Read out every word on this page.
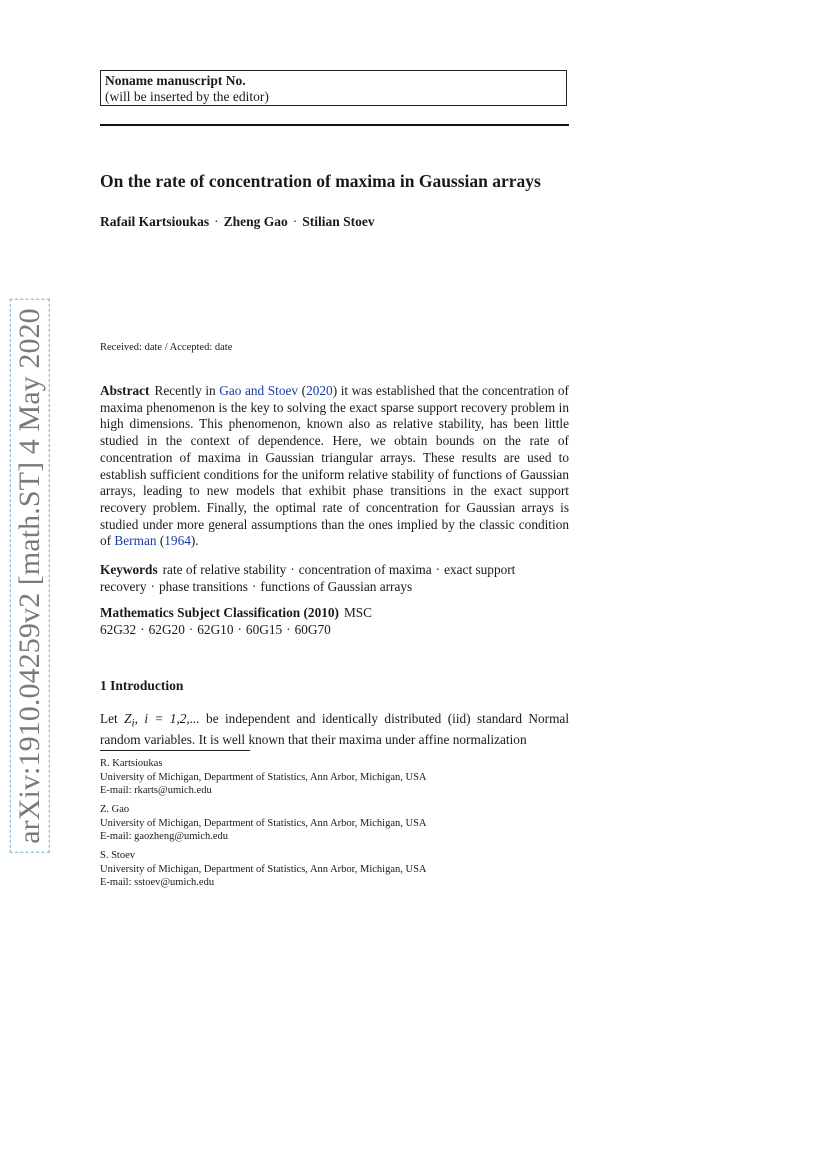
Noname manuscript No.
(will be inserted by the editor)
On the rate of concentration of maxima in Gaussian arrays
Rafail Kartsioukas · Zheng Gao · Stilian Stoev
arXiv:1910.04259v2 [math.ST] 4 May 2020	Received: date / Accepted: date
Abstract Recently in Gao and Stoev (2020) it was established that the concentration of maxima phenomenon is the key to solving the exact sparse support recovery problem in high dimensions. This phenomenon, known also as relative stability, has been little studied in the context of dependence. Here, we obtain bounds on the rate of concentration of maxima in Gaussian triangular arrays. These results are used to establish sufficient conditions for the uniform relative stability of functions of Gaussian arrays, leading to new models that exhibit phase transitions in the exact support recovery problem. Finally, the optimal rate of concentration for Gaussian arrays is studied under more general assumptions than the ones implied by the classic condition of Berman (1964).
Keywords rate of relative stability · concentration of maxima · exact support recovery · phase transitions · functions of Gaussian arrays
Mathematics Subject Classification (2010) MSC 62G32 · 62G20 · 62G10 · 60G15 · 60G70
1 Introduction
Let $Z_i$, i = 1,2,... be independent and identically distributed (iid) standard Normal random variables. It is well known that their maxima under affine normalization
R. Kartsioukas
University of Michigan, Department of Statistics, Ann Arbor, Michigan, USA
E-mail: rkarts@umich.edu
Z. Gao
University of Michigan, Department of Statistics, Ann Arbor, Michigan, USA
E-mail: gaozheng@umich.edu
S. Stoev
University of Michigan, Department of Statistics, Ann Arbor, Michigan, USA
E-mail: sstoev@umich.edu
